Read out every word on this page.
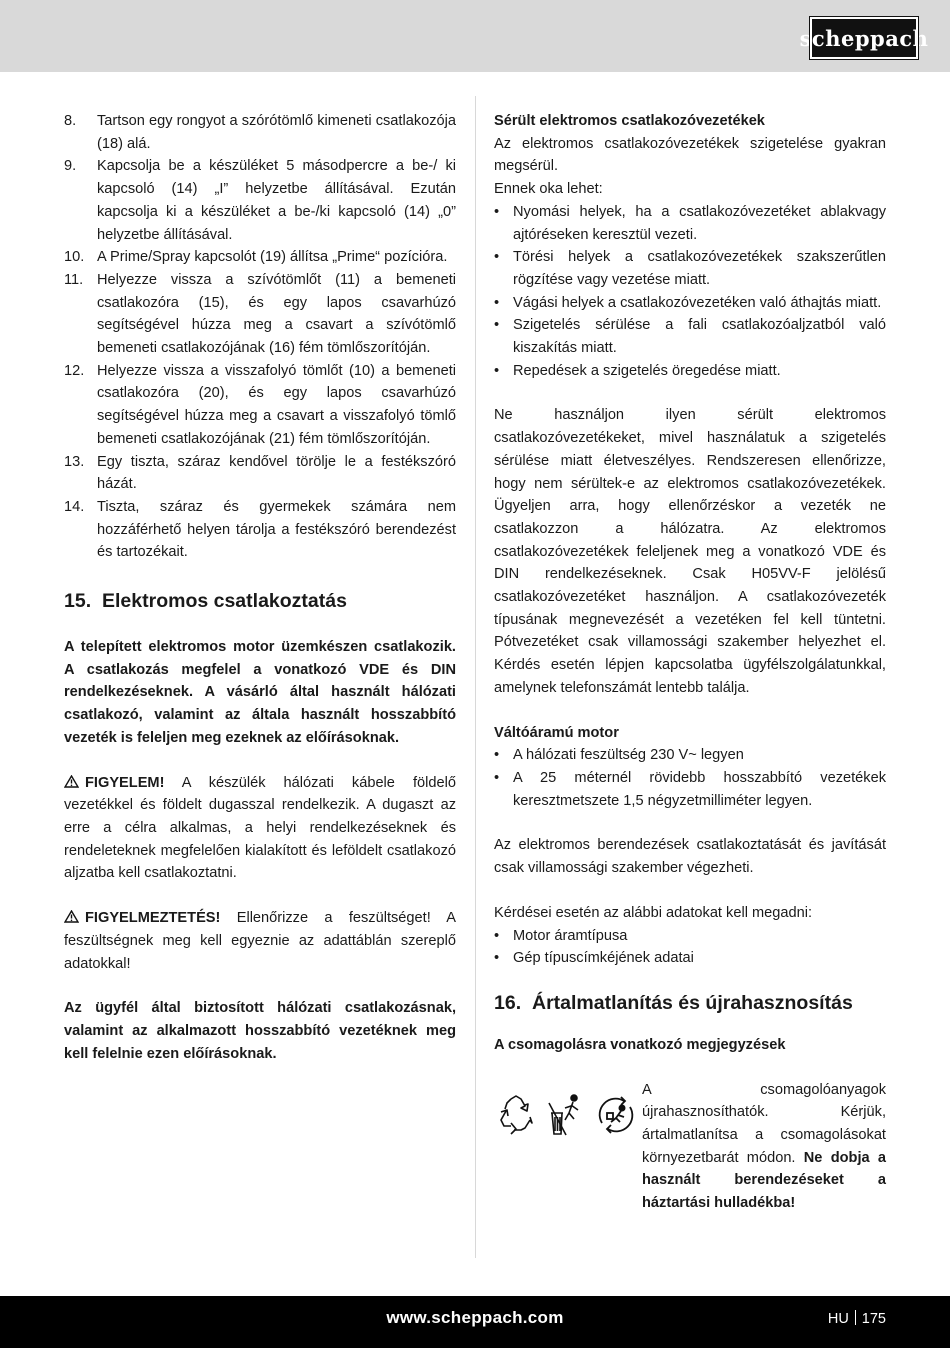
scheppach
8.	Tartson egy rongyot a szórótömlő kimeneti csatlakozója (18) alá.
9.	Kapcsolja be a készüléket 5 másodpercre a be-/ ki kapcsoló (14) „I” helyzetbe állításával. Ezután kapcsolja ki a készüléket a be-/ki kapcsoló (14) „0” helyzetbe állításával.
10. A Prime/Spray kapcsolót (19) állítsa „Prime“ pozícióra.
11. Helyezze vissza a szívótömlőt (11) a bemeneti csatlakozóra (15), és egy lapos csavarhúzó segítségével húzza meg a csavart a szívótömlő bemeneti csatlakozójának (16) fém tömlőszorítóján.
12. Helyezze vissza a visszafolyó tömlőt (10) a bemeneti csatlakozóra (20), és egy lapos csavarhúzó segítségével húzza meg a csavart a visszafolyó tömlő bemeneti csatlakozójának (21) fém tömlőszorítóján.
13. Egy tiszta, száraz kendővel törölje le a festékszóró házát.
14. Tiszta, száraz és gyermekek számára nem hozzáférhető helyen tárolja a festékszóró berendezést és tartozékait.
15. Elektromos csatlakoztatás

A telepített elektromos motor üzemkészen csatlakozik. A csatlakozás megfelel a vonatkozó VDE és DIN rendelkezéseknek. A vásárló által használt hálózati csatlakozó, valamint az általa használt hosszabbító vezeték is feleljen meg ezeknek az előírásoknak.

FIGYELEM! A készülék hálózati kábele földelő vezetékkel és földelt dugasszal rendelkezik. A dugaszt az erre a célra alkalmas, a helyi rendelkezéseknek és rendeleteknek megfelelően kialakított és leföldelt csatlakozó aljzatba kell csatlakoztatni.

FIGYELMEZTETÉS! Ellenőrizze a feszültséget! A feszültségnek meg kell egyeznie az adattáblán szereplő adatokkal!

Az ügyfél által biztosított hálózati csatlakozásnak, valamint az alkalmazott hosszabbító vezetéknek meg kell felelnie ezen előírásoknak.

Sérült elektromos csatlakozóvezetékek

Az elektromos csatlakozóvezetékek szigetelése gyakran megsérül.

Ennek oka lehet:

• Nyomási helyek, ha a csatlakozóvezetéket ablakvagy ajtóréseken keresztül vezeti.
• Törési helyek a csatlakozóvezetékek szakszerűtlen rögzítése vagy vezetése miatt.
• Vágási helyek a csatlakozóvezetéken való áthajtás miatt.
• Szigetelés sérülése a fali csatlakozóaljzatból való kiszakítás miatt.
• Repedések a szigetelés öregedése miatt.

Ne használjon ilyen sérült elektromos csatlakozóvezetékeket, mivel használatuk a szigetelés sérülése miatt életveszélyes. Rendszeresen ellenőrizze, hogy nem sérültek-e az elektromos csatlakozóvezetékek. Ügyeljen arra, hogy ellenőrzéskor a vezeték ne csatlakozzon a hálózatra. Az elektromos csatlakozóvezetékek feleljenek meg a vonatkozó VDE és DIN rendelkezéseknek. Csak H05VV-F jelölésű csatlakozóvezetéket használjon. A csatlakozóvezeték típusának megnevezését a vezetéken fel kell tüntetni. Pótvezetéket csak villamossági szakember helyezhet el. Kérdés esetén lépjen kapcsolatba ügyfélszolgálatunkkal, amelynek telefonszámát lentebb találja.

Váltóáramú motor

• A hálózati feszültség 230 V~ legyen
• A 25 méternél rövidebb hosszabbító vezetékek keresztmetszete 1,5 négyzetmilliméter legyen.

Az elektromos berendezések csatlakoztatását és javítását csak villamossági szakember végezheti.

Kérdései esetén az alábbi adatokat kell megadni:

• Motor áramtípusa
• Gép típuscímkéjének adatai
16. Ártalmatlanítás és újrahasznosítás

A csomagolásra vonatkozó megjegyzések

A csomagolóanyagok újrahasznosíthatók. Kérjük, ártalmatlanítsa a csomagolásokat környezetbarát módon. Ne dobja a használt berendezéseket a háztartási hulladékba!

www.scheppach.com	HU 175
